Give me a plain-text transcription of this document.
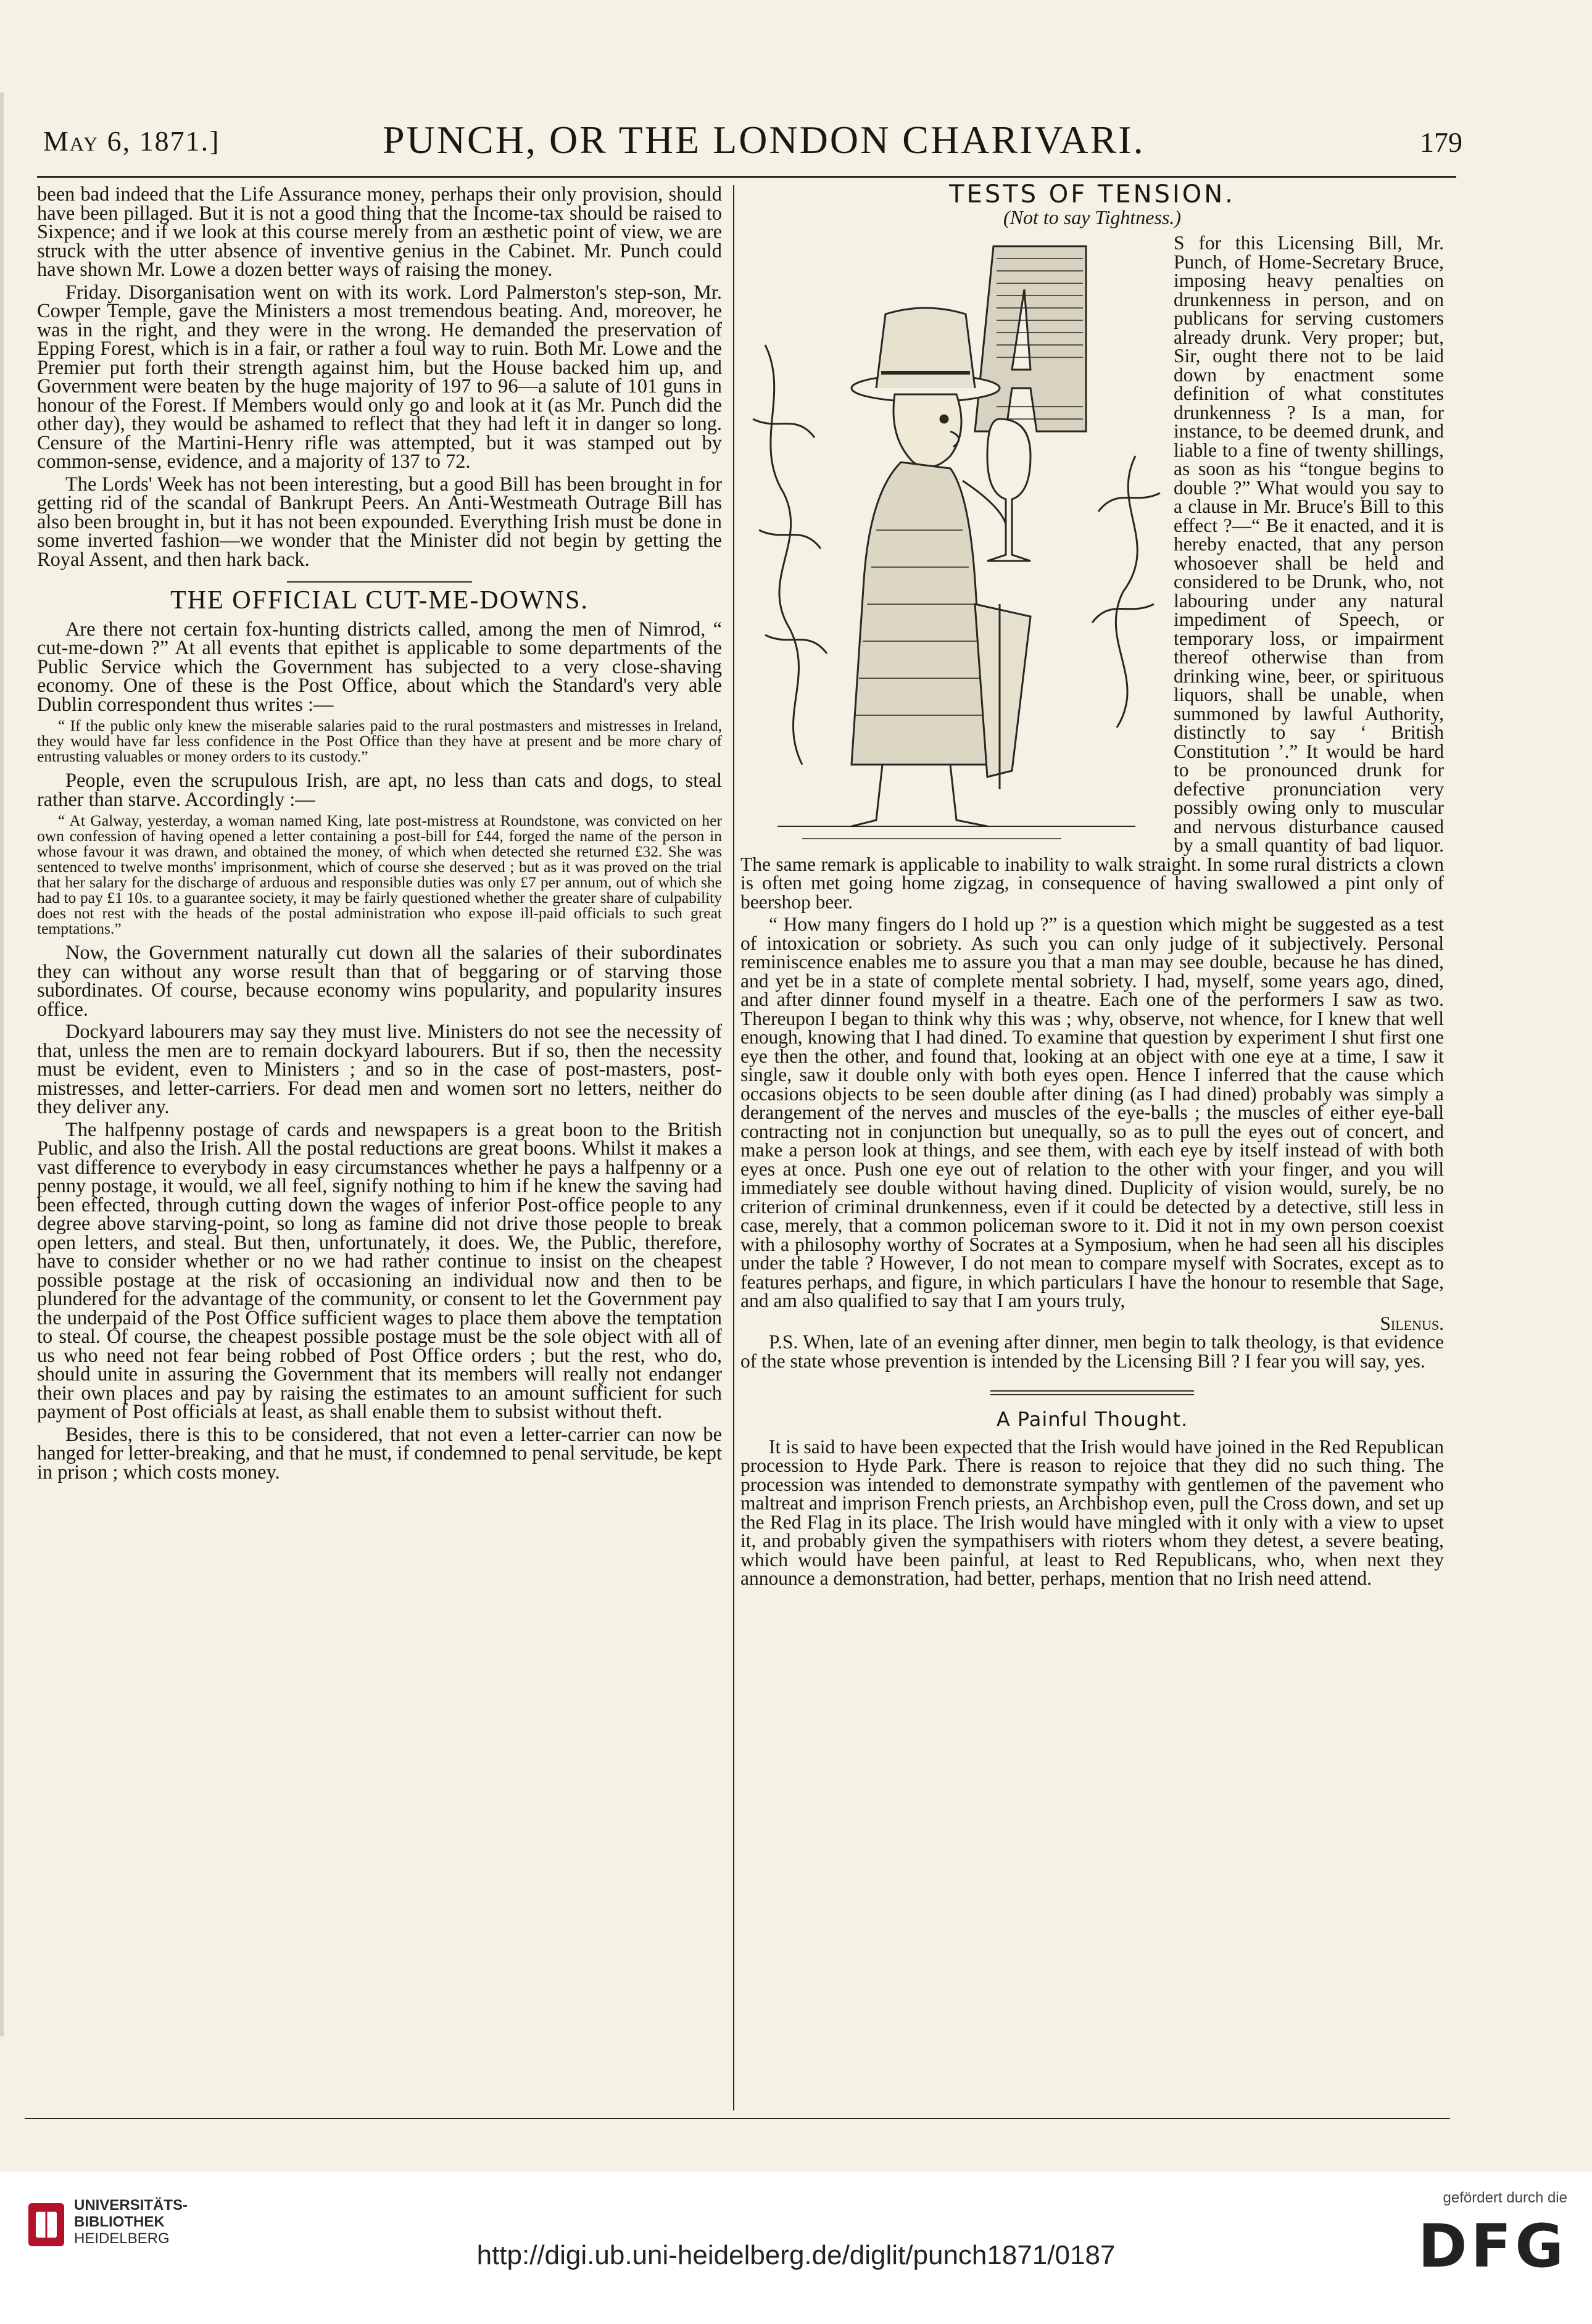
May 6, 1871.]	PUNCH, OR THE LONDON CHARIVARI.	179

been bad indeed that the Life Assurance money, perhaps their only provision, should have been pillaged. But it is not a good thing that the Income-tax should be raised to Sixpence; and if we look at this course merely from an æsthetic point of view, we are struck with the utter absence of inventive genius in the Cabinet. Mr. Punch could have shown Mr. Lowe a dozen better ways of raising the money.

Friday. Disorganisation went on with its work. Lord Palmerston's step-son, Mr. Cowper Temple, gave the Ministers a most tremendous beating. And, moreover, he was in the right, and they were in the wrong. He demanded the preservation of Epping Forest, which is in a fair, or rather a foul way to ruin. Both Mr. Lowe and the Premier put forth their strength against him, but the House backed him up, and Government were beaten by the huge majority of 197 to 96—a salute of 101 guns in honour of the Forest. If Members would only go and look at it (as Mr. Punch did the other day), they would be ashamed to reflect that they had left it in danger so long. Censure of the Martini-Henry rifle was attempted, but it was stamped out by common-sense, evidence, and a majority of 137 to 72.

The Lords' Week has not been interesting, but a good Bill has been brought in for getting rid of the scandal of Bankrupt Peers. An Anti-Westmeath Outrage Bill has also been brought in, but it has not been expounded. Everything Irish must be done in some inverted fashion—we wonder that the Minister did not begin by getting the Royal Assent, and then hark back.

THE OFFICIAL CUT-ME-DOWNS.

Are there not certain fox-hunting districts called, among the men of Nimrod, “ cut-me-down ?” At all events that epithet is applicable to some departments of the Public Service which the Government has subjected to a very close-shaving economy. One of these is the Post Office, about which the Standard's very able Dublin correspondent thus writes :—

“ If the public only knew the miserable salaries paid to the rural postmasters and mistresses in Ireland, they would have far less confidence in the Post Office than they have at present and be more chary of entrusting valuables or money orders to its custody.”

People, even the scrupulous Irish, are apt, no less than cats and dogs, to steal rather than starve. Accordingly :—

“ At Galway, yesterday, a woman named King, late post-mistress at Roundstone, was convicted on her own confession of having opened a letter containing a post-bill for £44, forged the name of the person in whose favour it was drawn, and obtained the money, of which when detected she returned £32. She was sentenced to twelve months' imprisonment, which of course she deserved ; but as it was proved on the trial that her salary for the discharge of arduous and responsible duties was only £7 per annum, out of which she had to pay £1 10s. to a guarantee society, it may be fairly questioned whether the greater share of culpability does not rest with the heads of the postal administration who expose ill-paid officials to such great temptations.”

Now, the Government naturally cut down all the salaries of their subordinates they can without any worse result than that of beggaring or of starving those subordinates. Of course, because economy wins popularity, and popularity insures office.

Dockyard labourers may say they must live. Ministers do not see the necessity of that, unless the men are to remain dockyard labourers. But if so, then the necessity must be evident, even to Ministers ; and so in the case of post-masters, post-mistresses, and letter-carriers. For dead men and women sort no letters, neither do they deliver any.

The halfpenny postage of cards and newspapers is a great boon to the British Public, and also the Irish. All the postal reductions are great boons. Whilst it makes a vast difference to everybody in easy circumstances whether he pays a halfpenny or a penny postage, it would, we all feel, signify nothing to him if he knew the saving had been effected, through cutting down the wages of inferior Post-office people to any degree above starving-point, so long as famine did not drive those people to break open letters, and steal. But then, unfortunately, it does. We, the Public, therefore, have to consider whether or no we had rather continue to insist on the cheapest possible postage at the risk of occasioning an individual now and then to be plundered for the advantage of the community, or consent to let the Government pay the underpaid of the Post Office sufficient wages to place them above the temptation to steal. Of course, the cheapest possible postage must be the sole object with all of us who need not fear being robbed of Post Office orders ; but the rest, who do, should unite in assuring the Government that its members will really not endanger their own places and pay by raising the estimates to an amount sufficient for such payment of Post officials at least, as shall enable them to subsist without theft.

Besides, there is this to be considered, that not even a letter-carrier can now be hanged for letter-breaking, and that he must, if condemned to penal servitude, be kept in prison ; which costs money.

TESTS OF TENSION.
(Not to say Tightness.)

S for this Licensing Bill, Mr. Punch, of Home-Secretary Bruce, imposing heavy penalties on drunkenness in person, and on publicans for serving customers already drunk. Very proper; but, Sir, ought there not to be laid down by enactment some definition of what constitutes drunkenness ? Is a man, for instance, to be deemed drunk, and liable to a fine of twenty shillings, as soon as his “tongue begins to double ?” What would you say to a clause in Mr. Bruce's Bill to this effect ?—“ Be it enacted, and it is hereby enacted, that any person whosoever shall be held and considered to be Drunk, who, not labouring under any natural impediment of Speech, or temporary loss, or impairment thereof otherwise than from drinking wine, beer, or spirituous liquors, shall be unable, when summoned by lawful Authority, distinctly to say ‘ British Constitution ’.” It would be hard to be pronounced drunk for defective pronunciation very possibly owing only to muscular and nervous disturbance caused by a small quantity of bad liquor. The same remark is applicable to inability to walk straight. In some rural districts a clown is often met going home zigzag, in consequence of having swallowed a pint only of beershop beer.

“ How many fingers do I hold up ?” is a question which might be suggested as a test of intoxication or sobriety. As such you can only judge of it subjectively. Personal reminiscence enables me to assure you that a man may see double, because he has dined, and yet be in a state of complete mental sobriety. I had, myself, some years ago, dined, and after dinner found myself in a theatre. Each one of the performers I saw as two. Thereupon I began to think why this was ; why, observe, not whence, for I knew that well enough, knowing that I had dined. To examine that question by experiment I shut first one eye then the other, and found that, looking at an object with one eye at a time, I saw it single, saw it double only with both eyes open. Hence I inferred that the cause which occasions objects to be seen double after dining (as I had dined) probably was simply a derangement of the nerves and muscles of the eye-balls ; the muscles of either eye-ball contracting not in conjunction but unequally, so as to pull the eyes out of concert, and make a person look at things, and see them, with each eye by itself instead of with both eyes at once. Push one eye out of relation to the other with your finger, and you will immediately see double without having dined. Duplicity of vision would, surely, be no criterion of criminal drunkenness, even if it could be detected by a detective, still less in case, merely, that a common policeman swore to it. Did it not in my own person coexist with a philosophy worthy of Socrates at a Symposium, when he had seen all his disciples under the table ? However, I do not mean to compare myself with Socrates, except as to features perhaps, and figure, in which particulars I have the honour to resemble that Sage, and am also qualified to say that I am yours truly,

Silenus.

P.S. When, late of an evening after dinner, men begin to talk theology, is that evidence of the state whose prevention is intended by the Licensing Bill ? I fear you will say, yes.

A Painful Thought.

It is said to have been expected that the Irish would have joined in the Red Republican procession to Hyde Park. There is reason to rejoice that they did no such thing. The procession was intended to demonstrate sympathy with gentlemen of the pavement who maltreat and imprison French priests, an Archbishop even, pull the Cross down, and set up the Red Flag in its place. The Irish would have mingled with it only with a view to upset it, and probably given the sympathisers with rioters whom they detest, a severe beating, which would have been painful, at least to Red Republicans, who, when next they announce a demonstration, had better, perhaps, mention that no Irish need attend.

UNIVERSITÄTS-
BIBLIOTHEK
HEIDELBERG
http://digi.ub.uni-heidelberg.de/diglit/punch1871/0187
gefördert durch die
DFG
